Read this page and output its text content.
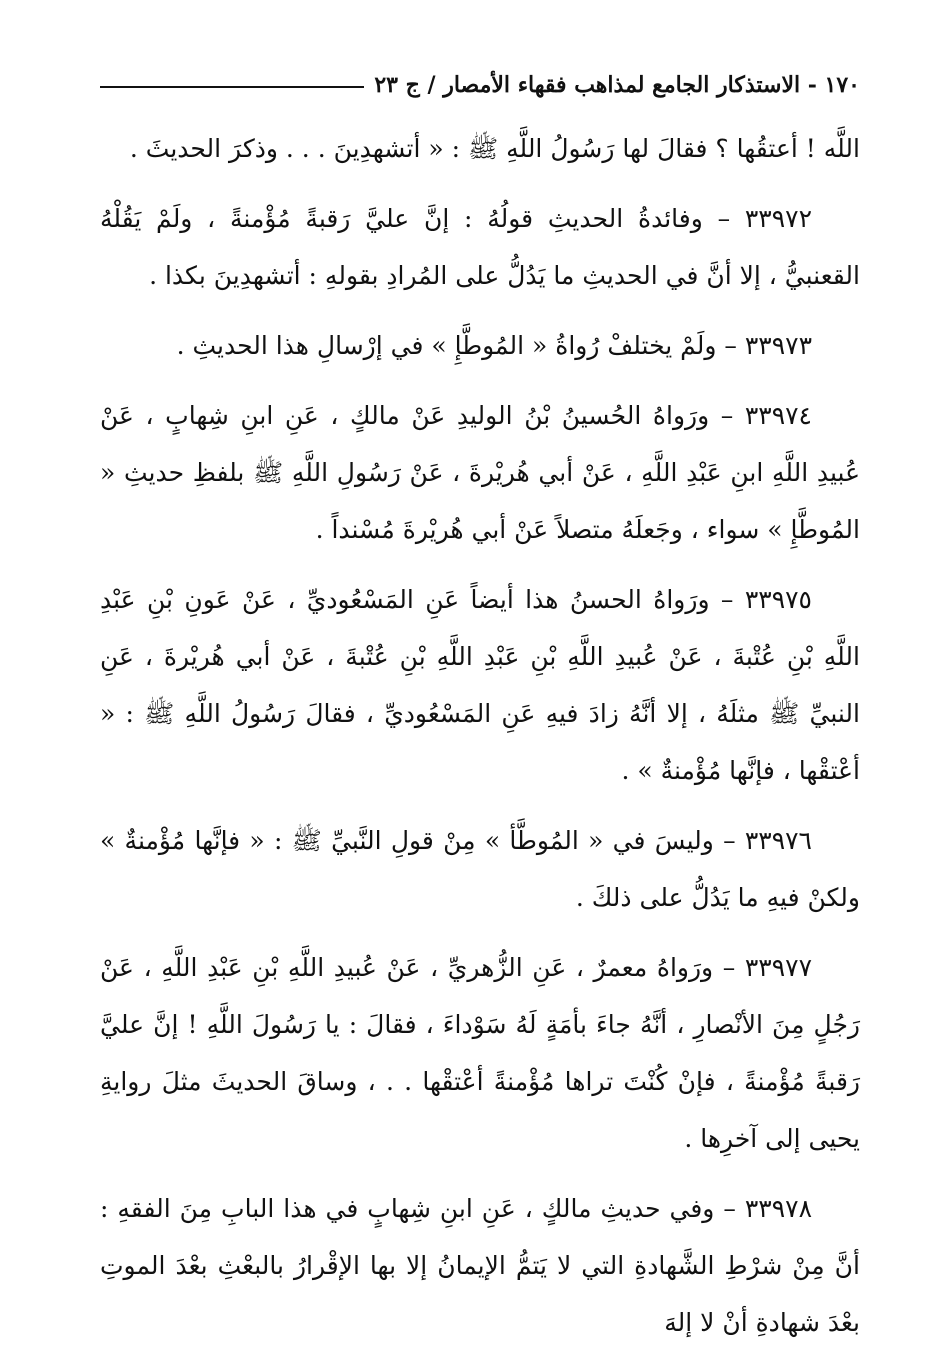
١٧٠ - الاستذكار الجامع لمذاهب فقهاء الأمصار / ج ٢٣

اللَّه ! أعتقُها ؟ فقالَ لها رَسُولُ اللَّهِ ﷺ : « أتشهدِينَ . . . وذكرَ الحديثَ .

٣٣٩٧٢ – وفائدةُ الحديثِ قولُهُ : إنَّ عليَّ رَقبةً مُؤْمنةً ، ولَمْ يَقُلْهُ القعنبيُّ ، إلا أنَّ في الحديثِ ما يَدُلُّ على المُرادِ بقولهِ : أتشهدِينَ بكذا .

٣٣٩٧٣ – ولَمْ يختلفْ رُواةُ « المُوطَّإِ » في إرْسالِ هذا الحديثِ .

٣٣٩٧٤ – ورَواهُ الحُسينُ بْنُ الوليدِ عَنْ مالكٍ ، عَنِ ابنِ شِهابٍ ، عَنْ عُبيدِ اللَّهِ ابنِ عَبْدِ اللَّهِ ، عَنْ أبي هُريْرةَ ، عَنْ رَسُولِ اللَّهِ ﷺ بلفظِ حديثِ « المُوطَّإِ » سواء ، وجَعلَهُ متصلاً عَنْ أبي هُريْرةَ مُسْنداً .

٣٣٩٧٥ – ورَواهُ الحسنُ هذا أيضاً عَنِ المَسْعُوديِّ ، عَنْ عَونِ بْنِ عَبْدِ اللَّهِ بْنِ عُتْبةَ ، عَنْ عُبيدِ اللَّهِ بْنِ عَبْدِ اللَّهِ بْنِ عُتْبةَ ، عَنْ أبي هُريْرةَ ، عَنِ النبيِّ ﷺ مثلَهُ ، إلا أنَّهُ زادَ فيهِ عَنِ المَسْعُوديِّ ، فقالَ رَسُولُ اللَّهِ ﷺ : « أعْتقْها ، فإنَّها مُؤْمنةٌ » .

٣٣٩٧٦ – وليسَ في « المُوطَّأ » مِنْ قولِ النَّبيِّ ﷺ : « فإنَّها مُؤْمنةٌ » ولكنْ فيهِ ما يَدُلُّ على ذلكَ .

٣٣٩٧٧ – ورَواهُ معمرٌ ، عَنِ الزُّهريِّ ، عَنْ عُبيدِ اللَّهِ بْنِ عَبْدِ اللَّهِ ، عَنْ رَجُلٍ مِنَ الأنْصارِ ، أنَّهُ جاءَ بأمَةٍ لَهُ سَوْداءَ ، فقالَ : يا رَسُولَ اللَّهِ ! إنَّ عليَّ رَقبةً مُؤْمنةً ، فإنْ كُنْتَ تراها مُؤْمنةً أعْتقْها . . ، وساقَ الحديثَ مثلَ روايةِ يحيى إلى آخرِها .

٣٣٩٧٨ – وفي حديثِ مالكٍ ، عَنِ ابنِ شِهابٍ في هذا البابِ مِنَ الفقهِ : أنَّ مِنْ شرْطِ الشَّهادةِ التي لا يَتمُّ الإيمانُ إلا بها الإقْرارُ بالبعْثِ بعْدَ الموتِ بعْدَ شهادةِ أنْ لا إلهَ
